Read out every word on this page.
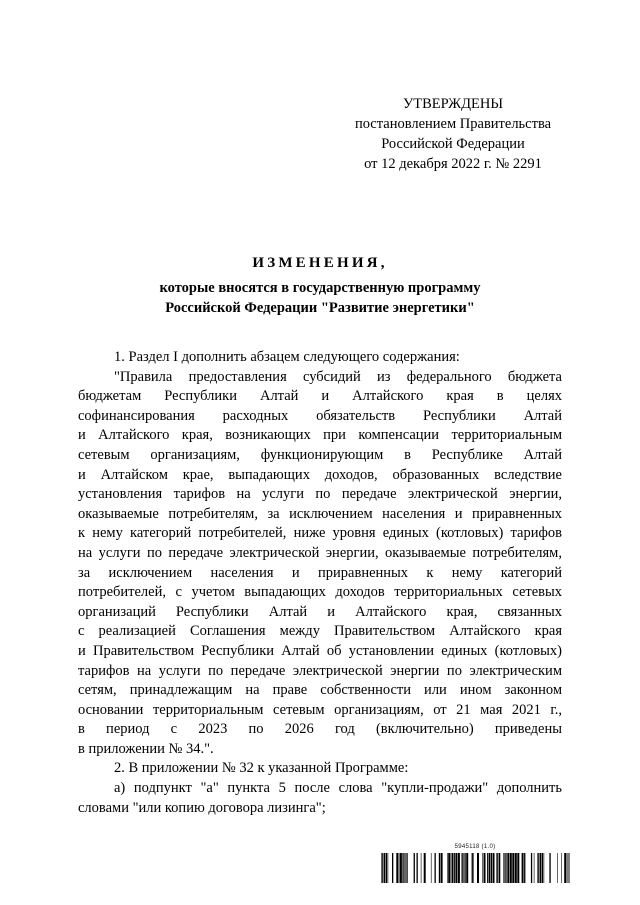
УТВЕРЖДЕНЫ
постановлением Правительства
Российской Федерации
от 12 декабря 2022 г. № 2291
ИЗМЕНЕНИЯ,
которые вносятся в государственную программу
Российской Федерации "Развитие энергетики"
1. Раздел I дополнить абзацем следующего содержания:
"Правила предоставления субсидий из федерального бюджета
бюджетам Республики Алтай и Алтайского края в целях
софинансирования расходных обязательств Республики Алтай
и Алтайского края, возникающих при компенсации территориальным
сетевым организациям, функционирующим в Республике Алтай
и Алтайском крае, выпадающих доходов, образованных вследствие
установления тарифов на услуги по передаче электрической энергии,
оказываемые потребителям, за исключением населения и приравненных
к нему категорий потребителей, ниже уровня единых (котловых) тарифов
на услуги по передаче электрической энергии, оказываемые потребителям,
за исключением населения и приравненных к нему категорий
потребителей, с учетом выпадающих доходов территориальных сетевых
организаций Республики Алтай и Алтайского края, связанных
с реализацией Соглашения между Правительством Алтайского края
и Правительством Республики Алтай об установлении единых (котловых)
тарифов на услуги по передаче электрической энергии по электрическим
сетям, принадлежащим на праве собственности или ином законном
основании территориальным сетевым организациям, от 21 мая 2021 г.,
в период с 2023 по 2026 год (включительно) приведены
в приложении № 34.".
2. В приложении № 32 к указанной Программе:
а) подпункт "а" пункта 5 после слова "купли-продажи" дополнить
словами "или копию договора лизинга";
5945118 (1.0)
